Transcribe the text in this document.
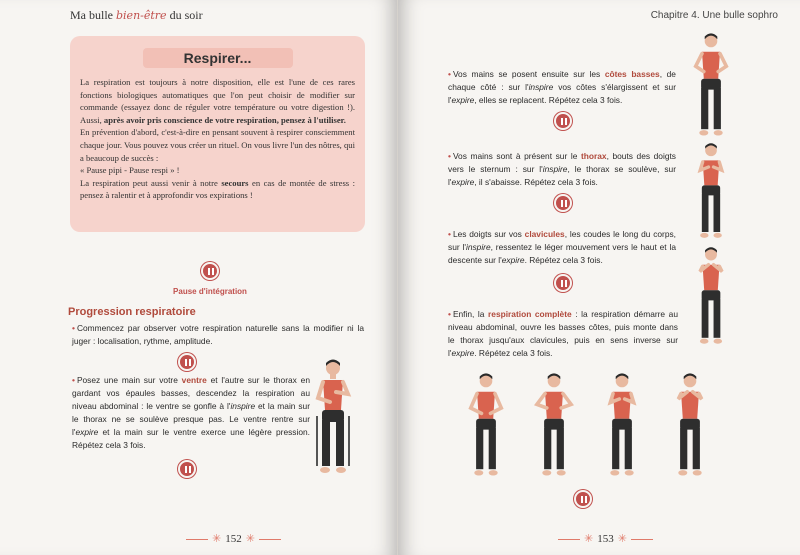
Ma bulle bien-être du soir
Respirer...

La respiration est toujours à notre disposition, elle est l'une de ces rares fonctions biologiques automatiques que l'on peut choisir de modifier sur commande (essayez donc de réguler votre température ou votre digestion !). Aussi, après avoir pris conscience de votre respiration, pensez à l'utiliser.

En prévention d'abord, c'est-à-dire en pensant souvent à respirer consciemment chaque jour. Vous pouvez vous créer un rituel. On vous livre l'un des nôtres, qui a beaucoup de succès :

« Pause pipi - Pause respi » !

La respiration peut aussi venir à notre secours en cas de montée de stress : pensez à ralentir et à approfondir vos expirations !

Pause d'intégration
Progression respiratoire
• Commencez par observer votre respiration naturelle sans la modifier ni la juger : localisation, rythme, amplitude.
• Posez une main sur votre ventre et l'autre sur le thorax en gardant vos épaules basses, descendez la respiration au niveau abdominal : le ventre se gonfle à l'inspire et la main sur le thorax ne se soulève presque pas. Le ventre rentre sur l'expire et la main sur le ventre exerce une légère pression. Répétez cela 3 fois.
✳ 152 ✳
Chapitre 4. Une bulle sophro
• Vos mains se posent ensuite sur les côtes basses, de chaque côté : sur l'inspire vos côtes s'élargissent et sur l'expire, elles se replacent. Répétez cela 3 fois.
• Vos mains sont à présent sur le thorax, bouts des doigts vers le sternum : sur l'inspire, le thorax se soulève, sur l'expire, il s'abaisse. Répétez cela 3 fois.
• Les doigts sur vos clavicules, les coudes le long du corps, sur l'inspire, ressentez le léger mouvement vers le haut et la descente sur l'expire. Répétez cela 3 fois.
• Enfin, la respiration complète : la respiration démarre au niveau abdominal, ouvre les basses côtes, puis monte dans le thorax jusqu'aux clavicules, puis en sens inverse sur l'expire. Répétez cela 3 fois.
✳ 153 ✳
